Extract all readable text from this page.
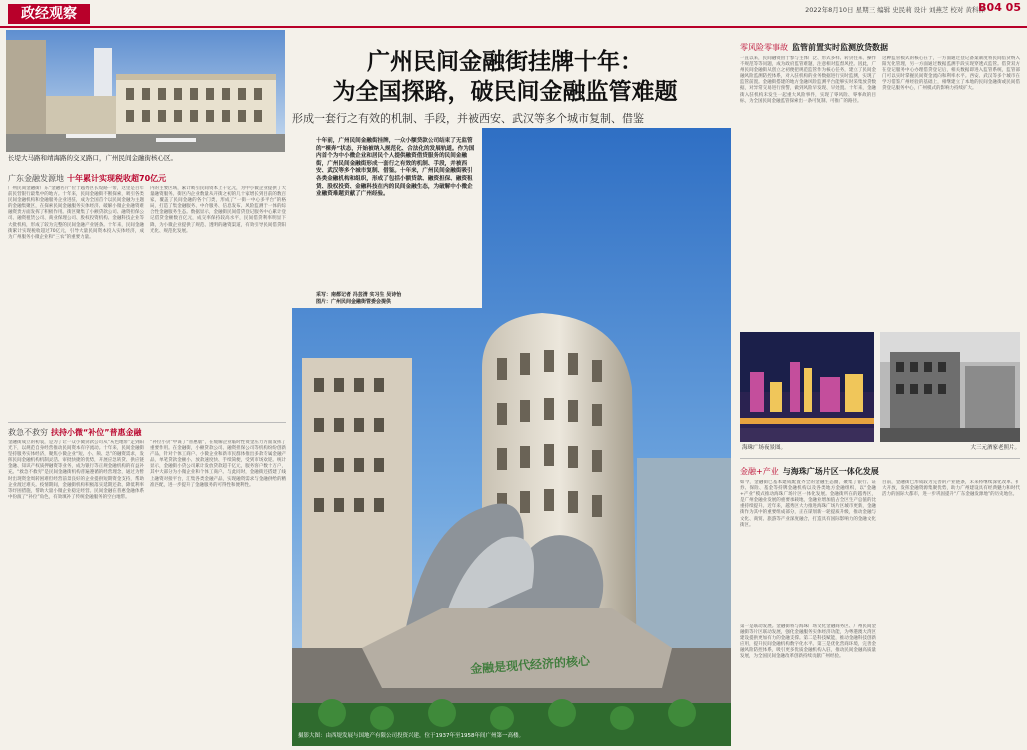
政经观察	2022年8月10日 星期三 编辑 史民莉 设计 刘燕芝 校对 黄科锋
B04 05
长堤大马路和靖海路的交叉路口，广州民间金融街核心区。
广东金融发源地 十年累计实现税收超70亿元
广州民间金融街广东“金融名片”位于越秀区长堤路一带，这里是百年前民营银行最集中的地方。十年来，民间金融街不断探索，吸引各类民间金融机构和金融服务企业进驻，成为全国首个以民间金融为主题的金融集聚区，在探索民间金融服务实体经济、破解小微企业融资难融资贵方面发挥了积极作用。街区聚集了小额贷款公司、融资担保公司、融资租赁公司、商业保理公司、股权投资机构、金融科技企业等大批机构，形成了较为完整的民间金融产业链条。十年来，民间金融街累计实现税收超过70亿元，引导大量民间资本投入实体经济，成为广州服务小微企业和“三农”的重要力量。
内的主要区域，累计吸引民间资本上千亿元，为中小微企业提供了大量融资服务。街区内企业数量从开街之初的几十家增长到目前的数百家，覆盖了民间金融的各个门类，形成了“一街一中心多平台”的格局，打造了集金融服务、中介服务、信息发布、风险监测于一体的综合性金融服务生态。数据显示，金融街民间借贷登记服务中心累计登记借贷金额数百亿元，成交率保持较高水平，民间借贷利率明显下降，为小微企业提供了规范、透明的融资渠道，有效引导民间借贷阳光化、规范化发展。
救急不救穷 扶持小微“补位”普惠金融
金融街成立的初衷，是为了让一众小微贷款公司从“灰色地带”走到阳光下，以规范自身经营推动民间资本有序流动。十年来，民间金融街坚持服务实体经济，聚焦小微企业“短、小、频、急”的融资需求，发挥民间金融机构机制灵活、审批快捷的优势，开展应急转贷、供应链金融、知识产权质押融资等业务，成为银行等正规金融机构的有益补充。“救急不救穷”是民间金融街机构普遍遵循的经营理念，通过为暂时出现资金周转困难但经营前景良好的企业提供短期资金支持，帮助企业渡过难关。疫情期间，金融街机构积极落实延期还款、降低利率等纾困措施，帮助大量小微企业稳定经营。民间金融在普惠金融体系中扮演了“补位”角色，有效填补了传统金融服务的空白地带。
“补位小贷”中谋了“普惠版”，在缓解企业临时性资金压力方面发挥了重要作用。在金融街，小额贷款公司、融资担保公司等机构纷纷创新产品，针对个体工商户、小微企业和新市民群体推出多款专属金融产品，单笔贷款金额小、放款速度快、手续简便，受到市场欢迎。统计显示，金融街小贷公司累计发放贷款超千亿元，服务客户数十万户，其中大部分为小微企业和个体工商户。与此同时，金融街还搭建了线上融资对接平台，汇集各类金融产品，实现融资需求与金融供给的精准匹配，进一步提升了金融服务的可得性和便利性。
广州民间金融街挂牌十年：
为全国探路，破民间金融监管难题
形成一套行之有效的机制、手段，并被西安、武汉等多个城市复制、借鉴
金融是现代经济的核心
摄影大图：由西堤发展与国地产有限公司投资兴建，位于1937年至1958年间广州第一高楼。
十年前，广州民间金融街挂牌，一众小额贷款公司结束了无监管的“裸奔”状态，开始被纳入规范化、合法化的发展轨道。作为国内首个为中小微企业和居民个人提供融资借贷服务的民间金融街，广州民间金融街形成一套行之有效的机制、手段，并被西安、武汉等多个城市复制、借鉴。十年来，广州民间金融街吸引各类金融机构和组织，形成了包括小额贷款、融资担保、融资租赁、股权投资、金融科技在内的民间金融生态，为破解中小微企业融资难题贡献了广州经验。
采写：南都记者 冯芸清 实习生 吴诗怡
图片：广州民间金融街管委会提供
零风险零事故 监管前置实时监测放贷数据
一直以来，民间融资由于参与主体广泛、形式多样、转贷往来、操作不规范等等问题，成为政府监管难题，注意相对监督风控。因此，广州民间金融街从创立之初便把规范监管作为核心任务，建立了民间金融风险监测防控体系，对入驻机构的业务数据进行实时监测，实现了监管前置。金融街搭建的地方金融风险监测平台能够实时采集放贷数据，对异常交易进行预警，做到风险早发现、早处置。十年来，金融街入驻机构未发生一起重大风险事件，实现了零风险、零事故的目标，为全国民间金融监管探索出一条可复制、可推广的路径。
这种监管模式的核心在于，一方面通过登记备案制度将民间借贷纳入阳光化管理，另一方面通过数据监测手段实现穿透式监管。借贷双方在登记服务中心办理借贷登记后，相关数据即进入监管系统，监管部门可以实时掌握民间资金流向和利率水平。西安、武汉等多个城市在学习借鉴广州经验的基础上，相继建立了本地的民间金融街或民间借贷登记服务中心，广州模式的影响力持续扩大。
海珠广场夜景图。	大三元酒家老照片。
金融+产业 与海珠广场片区一体化发展
如今，金融街已基本建成配置齐全的金融生态圈，聚集了银行、证券、保险、基金等持牌金融机构以及各类地方金融组织，以“金融+产业”模式推动海珠广场片区一体化发展。金融街所在的越秀区，是广州金融业发展的重要承载地，金融业增加值占全区生产总值的比重持续提升。近年来，越秀区大力推进海珠广场片区城市更新，金融街作为其中的重要组成部分，正在谋划新一轮提质升级，推动金融与文化、商贸、旅游等产业深度融合，打造具有国际影响力的金融文化街区。
第一是联动发展。金融街将与海珠广场文化金融商务区、广州民间金融街等片区联动发展，强化金融服务实体经济功能，为粤港澳大湾区建设提供更加有力的金融支撑。第二是科技赋能，推动金融科技创新应用，提升民间金融机构数字化水平。第三是优化营商环境，完善金融风险防控体系，吸引更多优质金融机构入驻，推动民间金融高质量发展，为全国民间金融改革创新持续贡献广州经验。
目前，金融街已形成较为完善的产业链条，未来将继续深化改革、扩大开放，发挥金融资源集聚优势，助力广州建设具有经典魅力和时代活力的国际大都市，进一步巩固提升“广东金融发源地”的历史地位。
